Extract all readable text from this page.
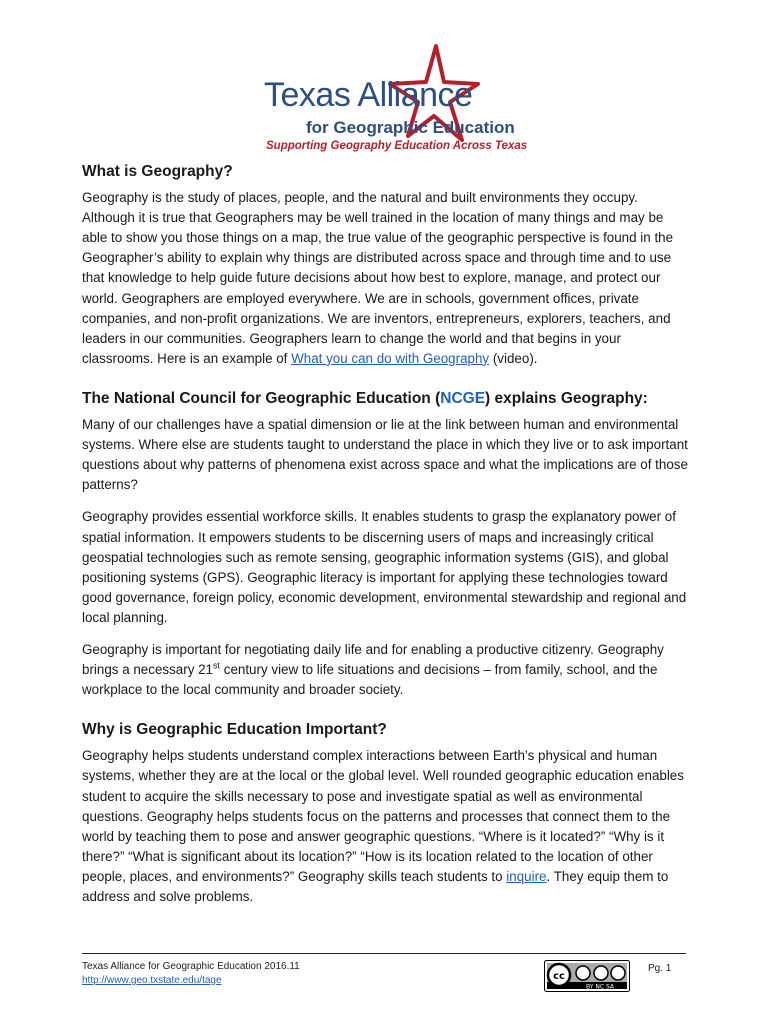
Texas Alliance
for Geographic Education
Supporting Geography Education Across Texas
What is Geography?

Geography is the study of places, people, and the natural and built environments they occupy. Although it is true that Geographers may be well trained in the location of many things and may be able to show you those things on a map, the true value of the geographic perspective is found in the Geographer’s ability to explain why things are distributed across space and through time and to use that knowledge to help guide future decisions about how best to explore, manage, and protect our world. Geographers are employed everywhere. We are in schools, government offices, private companies, and non-profit organizations. We are inventors, entrepreneurs, explorers, teachers, and leaders in our communities. Geographers learn to change the world and that begins in your classrooms. Here is an example of What you can do with Geography (video).

The National Council for Geographic Education (NCGE) explains Geography:

Many of our challenges have a spatial dimension or lie at the link between human and environmental systems. Where else are students taught to understand the place in which they live or to ask important questions about why patterns of phenomena exist across space and what the implications are of those patterns?

Geography provides essential workforce skills. It enables students to grasp the explanatory power of spatial information. It empowers students to be discerning users of maps and increasingly critical geospatial technologies such as remote sensing, geographic information systems (GIS), and global positioning systems (GPS). Geographic literacy is important for applying these technologies toward good governance, foreign policy, economic development, environmental stewardship and regional and local planning.

Geography is important for negotiating daily life and for enabling a productive citizenry. Geography brings a necessary 21st century view to life situations and decisions – from family, school, and the workplace to the local community and broader society.

Why is Geographic Education Important?

Geography helps students understand complex interactions between Earth’s physical and human systems, whether they are at the local or the global level. Well rounded geographic education enables student to acquire the skills necessary to pose and investigate spatial as well as environmental questions. Geography helps students focus on the patterns and processes that connect them to the world by teaching them to pose and answer geographic questions. “Where is it located?” “Why is it there?” “What is significant about its location?” “How is its location related to the location of other people, places, and environments?” Geography skills teach students to inquire. They equip them to address and solve problems.

Texas Alliance for Geographic Education 2016.11
http://www.geo.txstate.edu/tage	cc
BY NC SA
Pg. 1
